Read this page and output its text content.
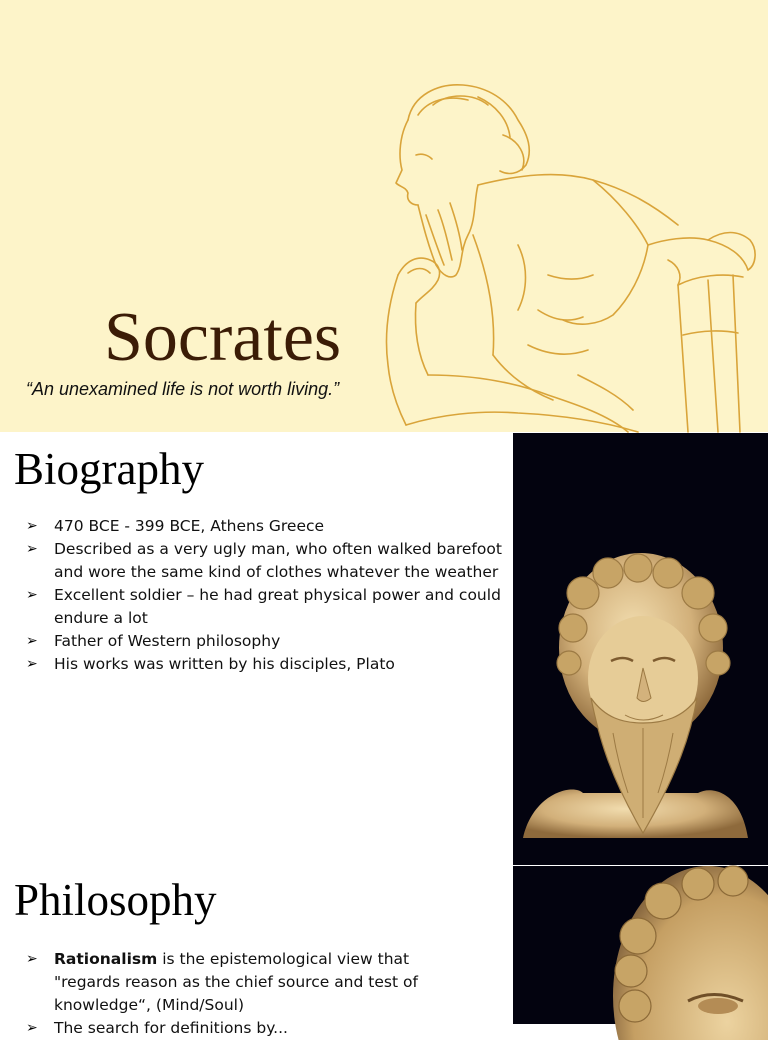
Socrates

“An unexamined life is not worth living.”

Biography
➢	470 BCE - 399 BCE, Athens Greece
➢	Described as a very ugly man, who often walked barefoot and wore the same kind of clothes whatever the weather
➢	Excellent soldier – he had great physical power and could endure a lot
➢	Father of Western philosophy
➢	His works was written by his disciples, Plato
Philosophy
➢	Rationalism is the epistemological view that "regards reason as the chief source and test of knowledge“, (Mind/Soul)
➢	The search for definitions by...
